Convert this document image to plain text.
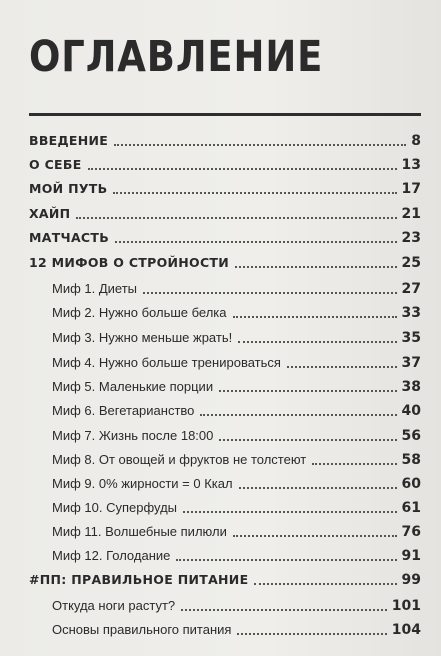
ОГЛАВЛЕНИЕ
ВВЕДЕНИЕ	8
О СЕБЕ	13
МОЙ ПУТЬ	17
ХАЙП	21
МАТЧАСТЬ	23
12 МИФОВ О СТРОЙНОСТИ	25
Миф 1. Диеты	27
Миф 2. Нужно больше белка	33
Миф 3. Нужно меньше жрать!	35
Миф 4. Нужно больше тренироваться	37
Миф 5. Маленькие порции	38
Миф 6. Вегетарианство	40
Миф 7. Жизнь после 18:00	56
Миф 8. От овощей и фруктов не толстеют	58
Миф 9. 0% жирности = 0 Ккал	60
Миф 10. Суперфуды	61
Миф 11. Волшебные пилюли	76
Миф 12. Голодание	91
#ПП: ПРАВИЛЬНОЕ ПИТАНИЕ	99
Откуда ноги растут?	101
Основы правильного питания	104
